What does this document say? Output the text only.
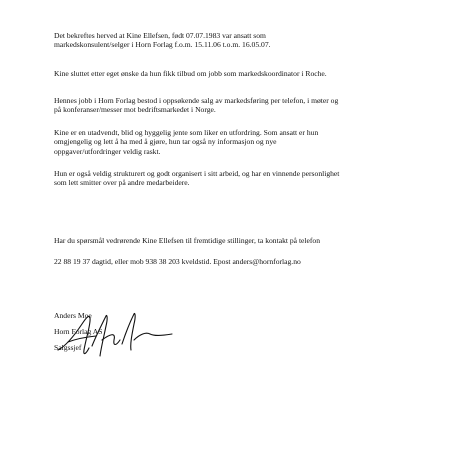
Det bekreftes herved at Kine Ellefsen, født 07.07.1983 var ansatt som
markedskonsulent/selger i Horn Forlag f.o.m. 15.11.06 t.o.m. 16.05.07.
Kine sluttet etter eget ønske da hun fikk tilbud om jobb som markedskoordinator i Roche.
Hennes jobb i Horn Forlag bestod i oppsøkende salg av markedsføring per telefon, i møter og
på konferanser/messer mot bedriftsmarkedet i Norge.
Kine er en utadvendt, blid og hyggelig jente som liker en utfordring. Som ansatt er hun
omgjengelig og lett å ha med å gjøre, hun tar også ny informasjon og nye
oppgaver/utfordringer veldig raskt.
Hun er også veldig strukturert og godt organisert i sitt arbeid, og har en vinnende personlighet
som lett smitter over på andre medarbeidere.
Har du spørsmål vedrørende Kine Ellefsen til fremtidige stillinger, ta kontakt på telefon
22 88 19 37 dagtid, eller mob 938 38 203 kveldstid. Epost anders@hornforlag.no
Anders Moe
Horn Forlag AS
Salgssjef
